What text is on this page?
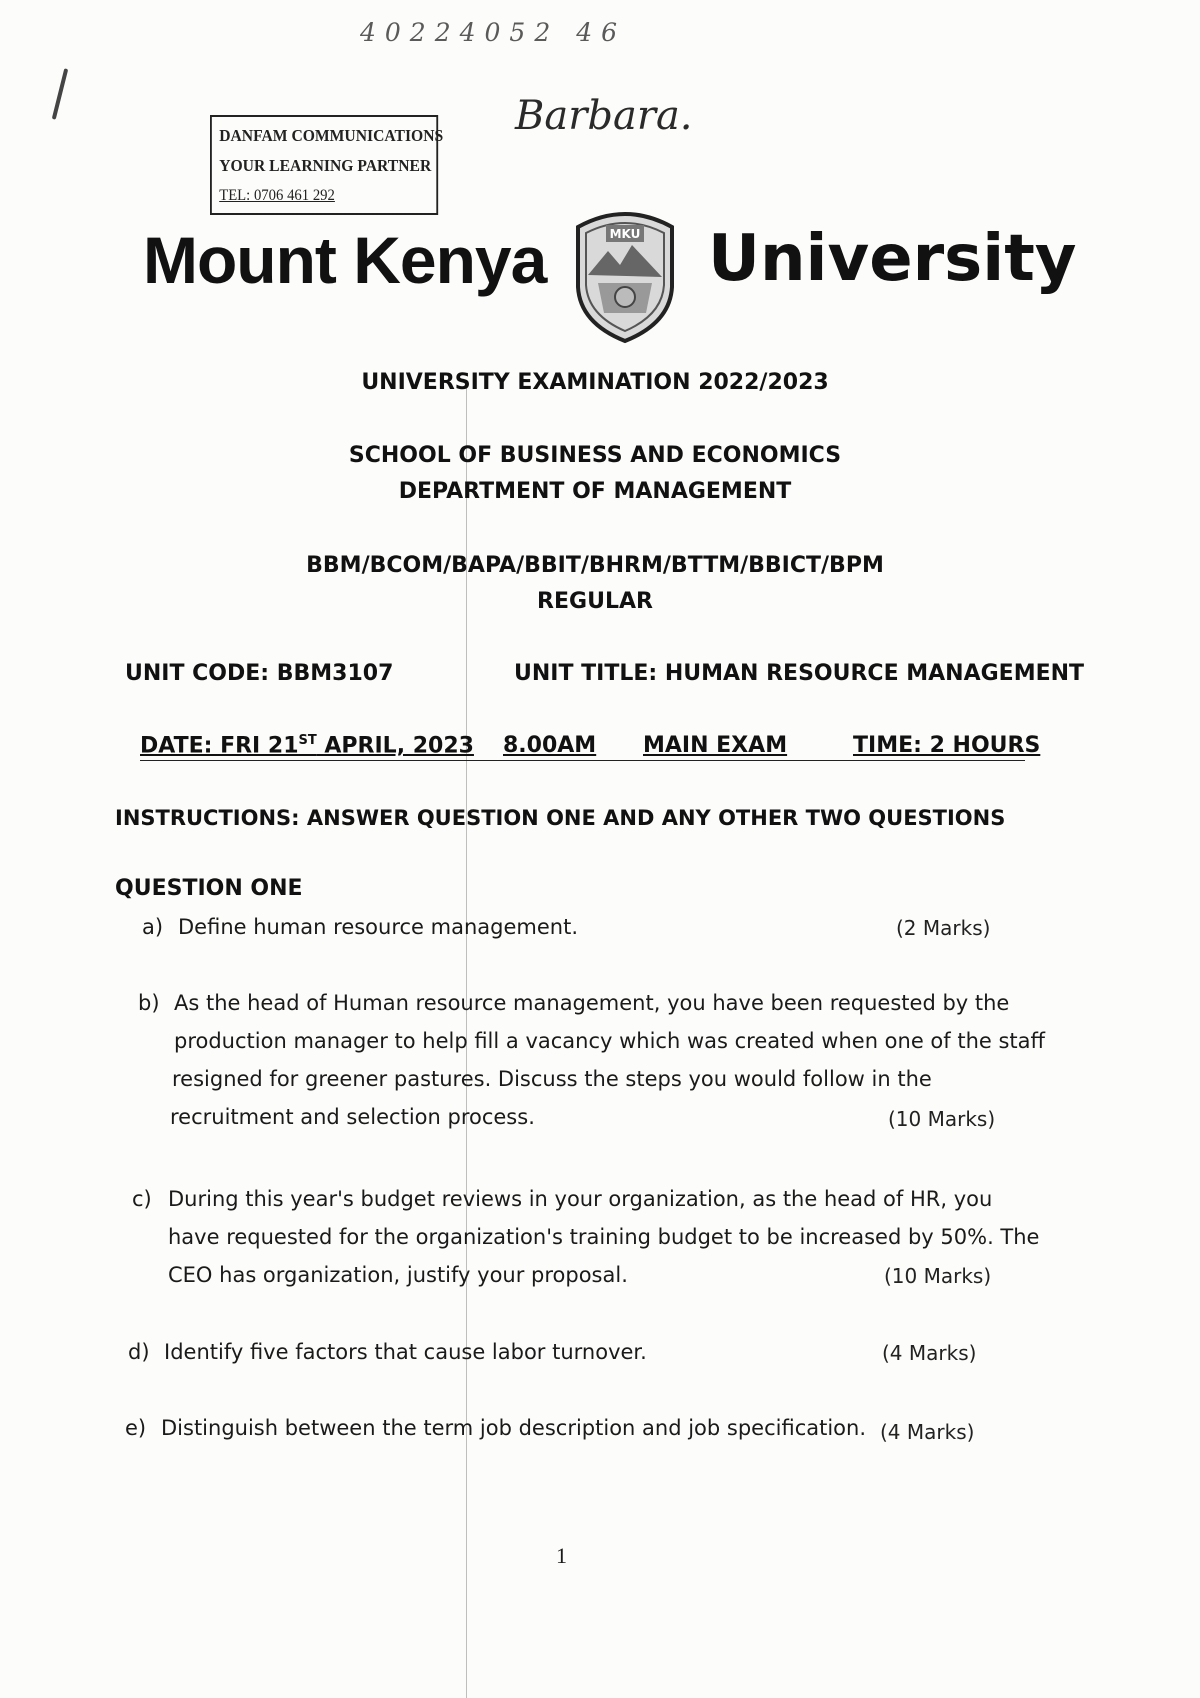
40224052 46
DANFAM COMMUNICATIONS
YOUR LEARNING PARTNER
TEL: 0706 461 292
Barbara.
Mount Kenya	MKU University
UNIVERSITY EXAMINATION 2022/2023
SCHOOL OF BUSINESS AND ECONOMICS
DEPARTMENT OF MANAGEMENT
BBM/BCOM/BAPA/BBIT/BHRM/BTTM/BBICT/BPM
REGULAR
UNIT CODE: BBM3107	UNIT TITLE: HUMAN RESOURCE MANAGEMENT
DATE: FRI 21ST APRIL, 2023 8.00AM MAIN EXAM	TIME: 2 HOURS
INSTRUCTIONS: ANSWER QUESTION ONE AND ANY OTHER TWO QUESTIONS
QUESTION ONE
a) Define human resource management.	(2 Marks)
b) As the head of Human resource management, you have been requested by the
production manager to help fill a vacancy which was created when one of the staff
resigned for greener pastures. Discuss the steps you would follow in the
recruitment and selection process.	(10 Marks)
c) During this year's budget reviews in your organization, as the head of HR, you
have requested for the organization's training budget to be increased by 50%. The
CEO has organization, justify your proposal.	(10 Marks)
d) Identify five factors that cause labor turnover.	(4 Marks)
e) Distinguish between the term job description and job specification. (4 Marks)
1
